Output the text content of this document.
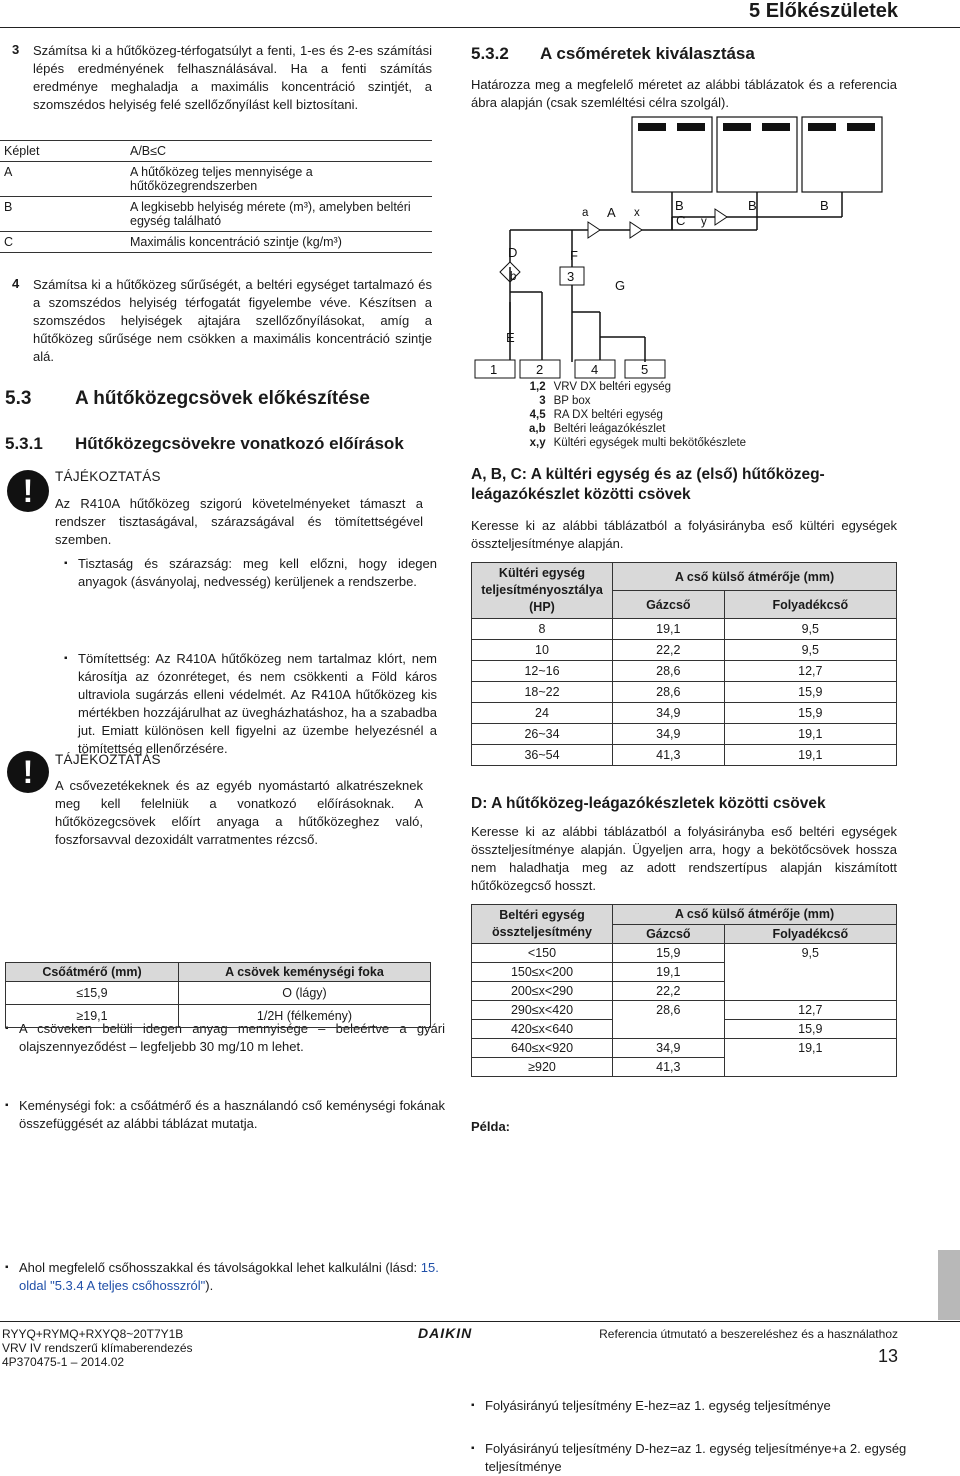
5 Előkészületek
3 Számítsa ki a hűtőközeg-térfogatsúlyt a fenti, 1-es és 2-es számítási lépés eredményének felhasználásával. Ha a fenti számítás eredménye meghaladja a maximális koncentráció szintjét, a szomszédos helyiség felé szellőzőnyílást kell biztosítani.

Képlet	A/B≤C
A	A hűtőközeg teljes mennyisége a hűtőközegrendszerben
B	A legkisebb helyiség mérete (m³), amelyben beltéri egység található
C	Maximális koncentráció szintje (kg/m³)
4 Számítsa ki a hűtőközeg sűrűségét, a beltéri egységet tartalmazó és a szomszédos helyiség térfogatát figyelembe véve. Készítsen a szomszédos helyiségek ajtajára szellőzőnyílásokat, amíg a hűtőközeg sűrűsége nem csökken a maximális koncentráció szintje alá.

5.3 A hűtőközegcsövek előkészítése
5.3.1 Hűtőközegcsövekre vonatkozó előírások
!	TÁJÉKOZTATÁS

Az R410A hűtőközeg szigorú követelményeket támaszt a rendszer tisztaságával, szárazságával és tömítettségével szemben.

▪ Tisztaság és szárazság: meg kell előzni, hogy idegen anyagok (ásványolaj, nedvesség) kerüljenek a rendszerbe.

▪ Tömítettség: Az R410A hűtőközeg nem tartalmaz klórt, nem károsítja az ózonréteget, és nem csökkenti a Föld káros ultraviola sugárzás elleni védelmét. Az R410A hűtőközeg kis mértékben hozzájárulhat az üvegházhatáshoz, ha a szabadba jut. Emiatt különösen kell figyelni az üzembe helyezésnél a tömítettség ellenőrzésére.

!	TÁJÉKOZTATÁS

A csővezetékeknek és az egyéb nyomástartó alkatrészeknek meg kell felelniük a vonatkozó előírásoknak. A hűtőközegcsövek előírt anyaga a hűtőközeghez való, foszforsavval dezoxidált varratmentes rézcső.

▪ A csöveken belüli idegen anyag mennyisége – beleértve a gyári olajszennyeződést – legfeljebb 30 mg/10 m lehet.

▪ Keménységi fok: a csőátmérő és a használandó cső keménységi fokának összefüggését az alábbi táblázat mutatja.

Csőátmérő (mm)	A csövek keménységi foka
≤15,9	O (lágy)
≥19,1	1/2H (félkemény)

▪ Ahol megfelelő csőhosszakkal és távolságokkal lehet kalkulálni (lásd: 15. oldal "5.3.4 A teljes csőhosszról").

5.3.2 A csőméretek kiválasztása

Határozza meg a megfelelő méretet az alábbi táblázatok és a referencia ábra alapján (csak szemléltési célra szolgál).

1	2	4	5
a A x	B
C y
B	B
D	F
b	3
G
E
1,2	VRV DX beltéri egység
3	BP box
4,5	RA DX beltéri egység
a,b	Beltéri leágazókészlet
x,y	Kültéri egységek multi bekötőkészlete
A, B, C: A kültéri egység és az (első) hűtőközeg-leágazókészlet közötti csövek

Keresse ki az alábbi táblázatból a folyásirányba eső kültéri egységek összteljesítménye alapján.

Kültéri egység teljesítményosztálya (HP)	A cső külső átmérője (mm)	
	Gázcső	Folyadékcső
8	19,1	9,5
10	22,2	9,5
12~16	28,6	12,7
18~22	28,6	15,9
24	34,9	15,9
26~34	34,9	19,1
36~54	41,3	19,1
D: A hűtőközeg-leágazókészletek közötti csövek

Keresse ki az alábbi táblázatból a folyásirányba eső beltéri egységek összteljesítménye alapján. Ügyeljen arra, hogy a bekötőcsövek hossza nem haladhatja meg az adott rendszertípus alapján kiszámított hűtőközegcső hosszt.

Beltéri egység összteljesítmény	A cső külső átmérője (mm)	
	Gázcső	Folyadékcső
<150	15,9	9,5
150≤x<200	19,1	
200≤x<290	22,2	
290≤x<420	28,6	12,7
420≤x<640		15,9
640≤x<920	34,9	19,1
≥920	41,3	
Példa:

▪ Folyásirányú teljesítmény E-hez=az 1. egység teljesítménye

▪ Folyásirányú teljesítmény D-hez=az 1. egység teljesítménye+a 2. egység teljesítménye

RYYQ+RYMQ+RXYQ8~20T7Y1B
VRV IV rendszerű klímaberendezés
4P370475-1 – 2014.02
DAIKIN	Referencia útmutató a beszereléshez és a használathoz
13
